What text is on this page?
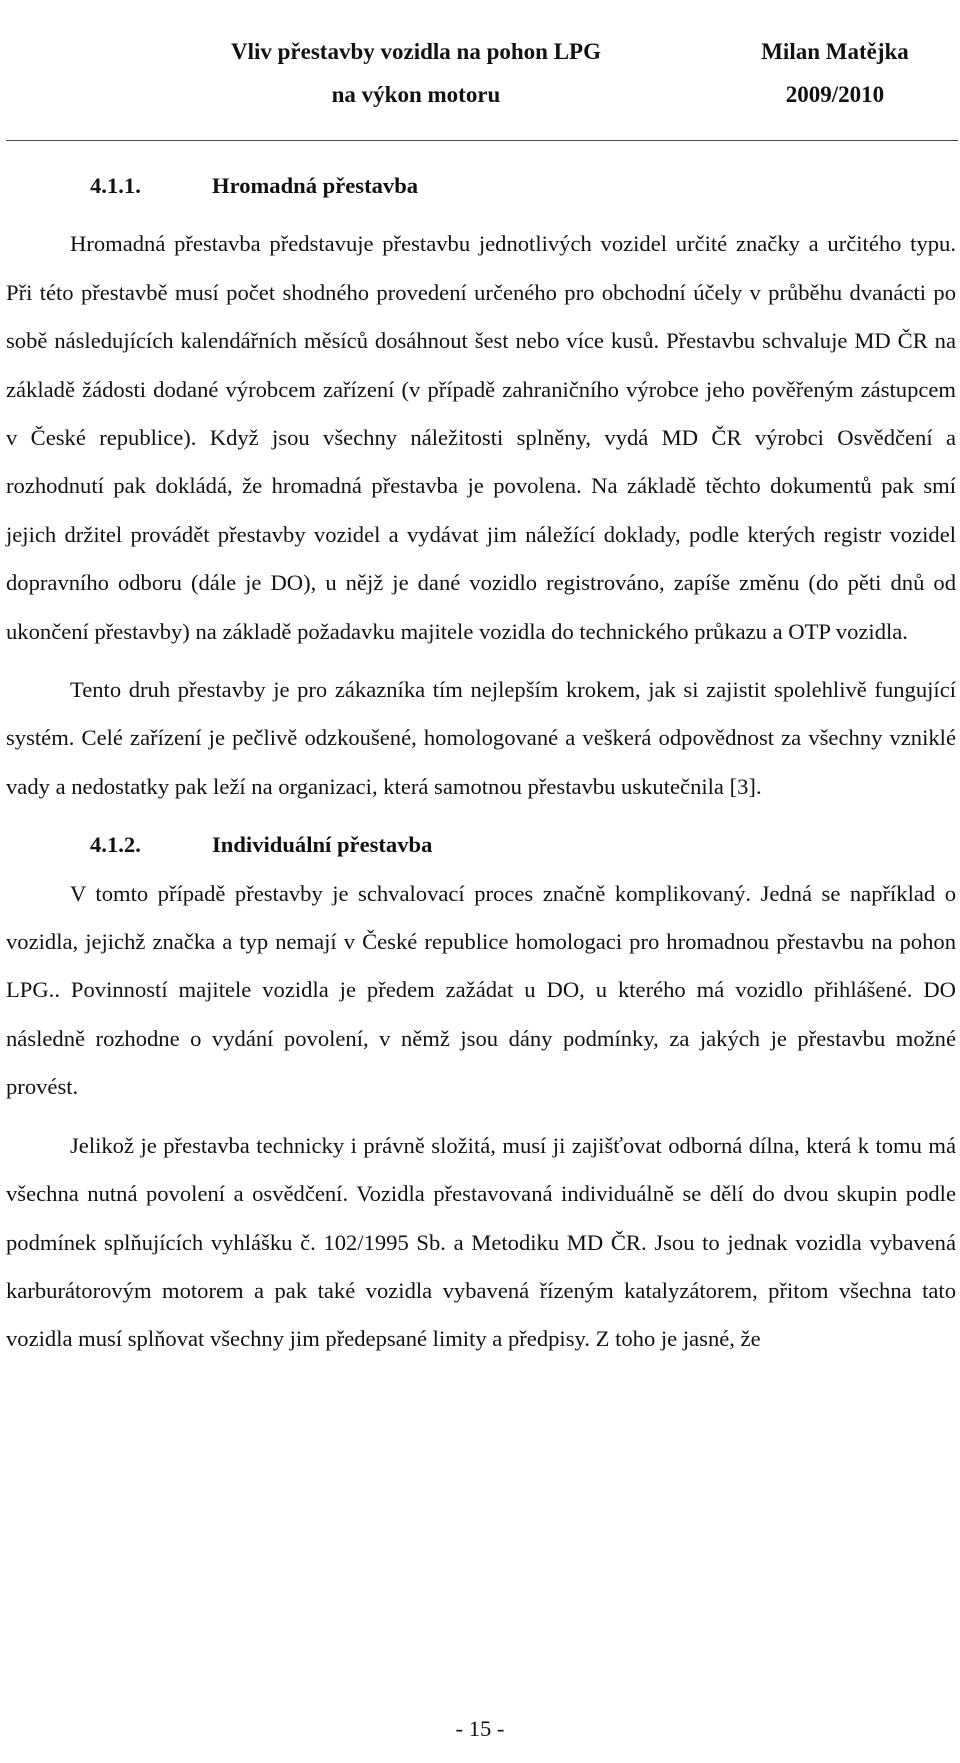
Vliv přestavby vozidla na pohon LPG
na výkon motoru
Milan Matějka
2009/2010
4.1.1.	Hromadná přestavba

Hromadná přestavba představuje přestavbu jednotlivých vozidel určité značky a určitého typu. Při této přestavbě musí počet shodného provedení určeného pro obchodní účely v průběhu dvanácti po sobě následujících kalendářních měsíců dosáhnout šest nebo více kusů. Přestavbu schvaluje MD ČR na základě žádosti dodané výrobcem zařízení (v případě zahraničního výrobce jeho pověřeným zástupcem v České republice). Když jsou všechny náležitosti splněny, vydá MD ČR výrobci Osvědčení a rozhodnutí pak dokládá, že hromadná přestavba je povolena. Na základě těchto dokumentů pak smí jejich držitel provádět přestavby vozidel a vydávat jim náležící doklady, podle kterých registr vozidel dopravního odboru (dále je DO), u nějž je dané vozidlo registrováno, zapíše změnu (do pěti dnů od ukončení přestavby) na základě požadavku majitele vozidla do technického průkazu a OTP vozidla.

Tento druh přestavby je pro zákazníka tím nejlepším krokem, jak si zajistit spolehlivě fungující systém. Celé zařízení je pečlivě odzkoušené, homologované a veškerá odpovědnost za všechny vzniklé vady a nedostatky pak leží na organizaci, která samotnou přestavbu uskutečnila [3].

4.1.2.	Individuální přestavba

V tomto případě přestavby je schvalovací proces značně komplikovaný. Jedná se například o vozidla, jejichž značka a typ nemají v České republice homologaci pro hromadnou přestavbu na pohon LPG.. Povinností majitele vozidla je předem zažádat u DO, u kterého má vozidlo přihlášené. DO následně rozhodne o vydání povolení, v němž jsou dány podmínky, za jakých je přestavbu možné provést.

Jelikož je přestavba technicky i právně složitá, musí ji zajišťovat odborná dílna, která k tomu má všechna nutná povolení a osvědčení. Vozidla přestavovaná individuálně se dělí do dvou skupin podle podmínek splňujících vyhlášku č. 102/1995 Sb. a Metodiku MD ČR. Jsou to jednak vozidla vybavená karburátorovým motorem a pak také vozidla vybavená řízeným katalyzátorem, přitom všechna tato vozidla musí splňovat všechny jim předepsané limity a předpisy. Z toho je jasné, že

- 15 -
